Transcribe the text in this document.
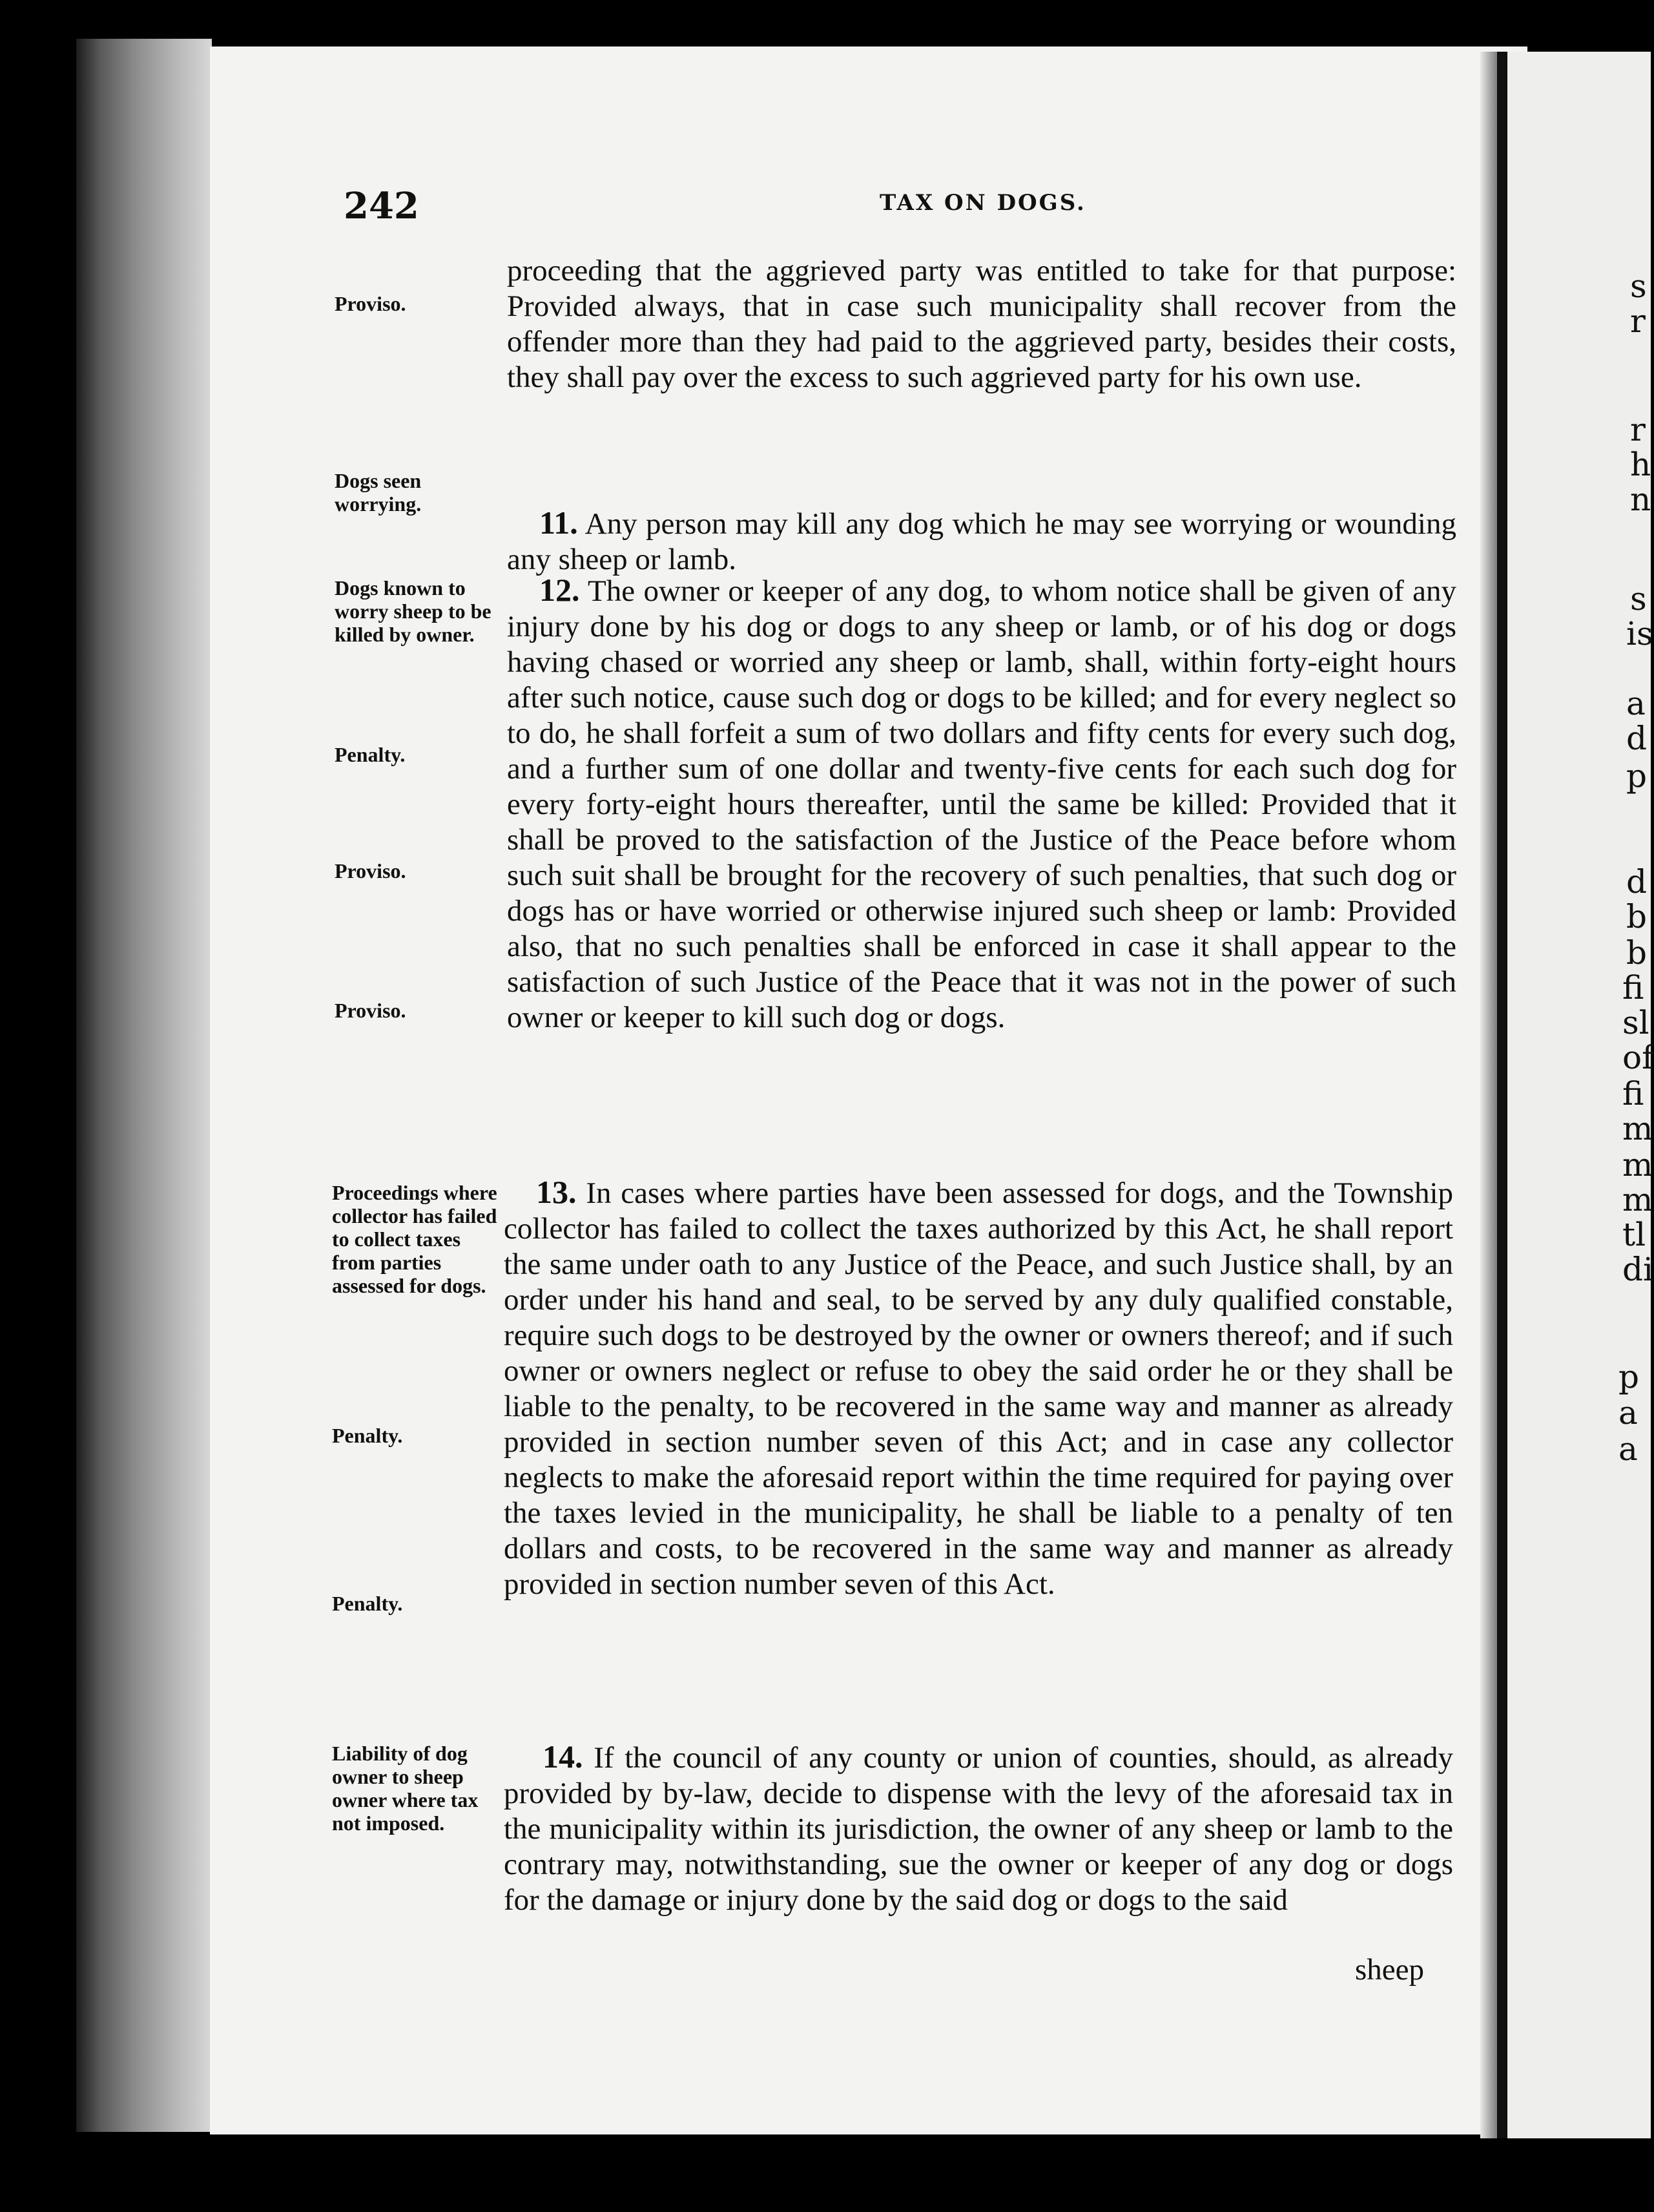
s
r
r
h
n
s
is
a
d
p
d
b
b
fi
sl
of
fi
m
m
m
tl
di
p
a
a
242	TAX ON DOGS.
Proviso.
Dogs seen worrying.
Dogs known to worry sheep to be killed by owner.
Penalty.
Proviso.
Proviso.
Proceedings where collector has failed to collect taxes from parties assessed for dogs.
Penalty.
Penalty.
Liability of dog owner to sheep owner where tax not imposed.

proceeding that the aggrieved party was entitled to take for that purpose: Provided always, that in case such municipality shall recover from the offender more than they had paid to the aggrieved party, besides their costs, they shall pay over the excess to such aggrieved party for his own use.

11. Any person may kill any dog which he may see worrying or wounding any sheep or lamb.

12. The owner or keeper of any dog, to whom notice shall be given of any injury done by his dog or dogs to any sheep or lamb, or of his dog or dogs having chased or worried any sheep or lamb, shall, within forty-eight hours after such notice, cause such dog or dogs to be killed; and for every neglect so to do, he shall forfeit a sum of two dollars and fifty cents for every such dog, and a further sum of one dollar and twenty-five cents for each such dog for every forty-eight hours thereafter, until the same be killed: Provided that it shall be proved to the satisfaction of the Justice of the Peace before whom such suit shall be brought for the recovery of such penalties, that such dog or dogs has or have worried or otherwise injured such sheep or lamb: Provided also, that no such penalties shall be enforced in case it shall appear to the satisfaction of such Justice of the Peace that it was not in the power of such owner or keeper to kill such dog or dogs.

13. In cases where parties have been assessed for dogs, and the Township collector has failed to collect the taxes authorized by this Act, he shall report the same under oath to any Justice of the Peace, and such Justice shall, by an order under his hand and seal, to be served by any duly qualified constable, require such dogs to be destroyed by the owner or owners thereof; and if such owner or owners neglect or refuse to obey the said order he or they shall be liable to the penalty, to be recovered in the same way and manner as already provided in section number seven of this Act; and in case any collector neglects to make the aforesaid report within the time required for paying over the taxes levied in the municipality, he shall be liable to a penalty of ten dollars and costs, to be recovered in the same way and manner as already provided in section number seven of this Act.

14. If the council of any county or union of counties, should, as already provided by by-law, decide to dispense with the levy of the aforesaid tax in the municipality within its jurisdiction, the owner of any sheep or lamb to the contrary may, notwithstanding, sue the owner or keeper of any dog or dogs for the damage or injury done by the said dog or dogs to the said

sheep
